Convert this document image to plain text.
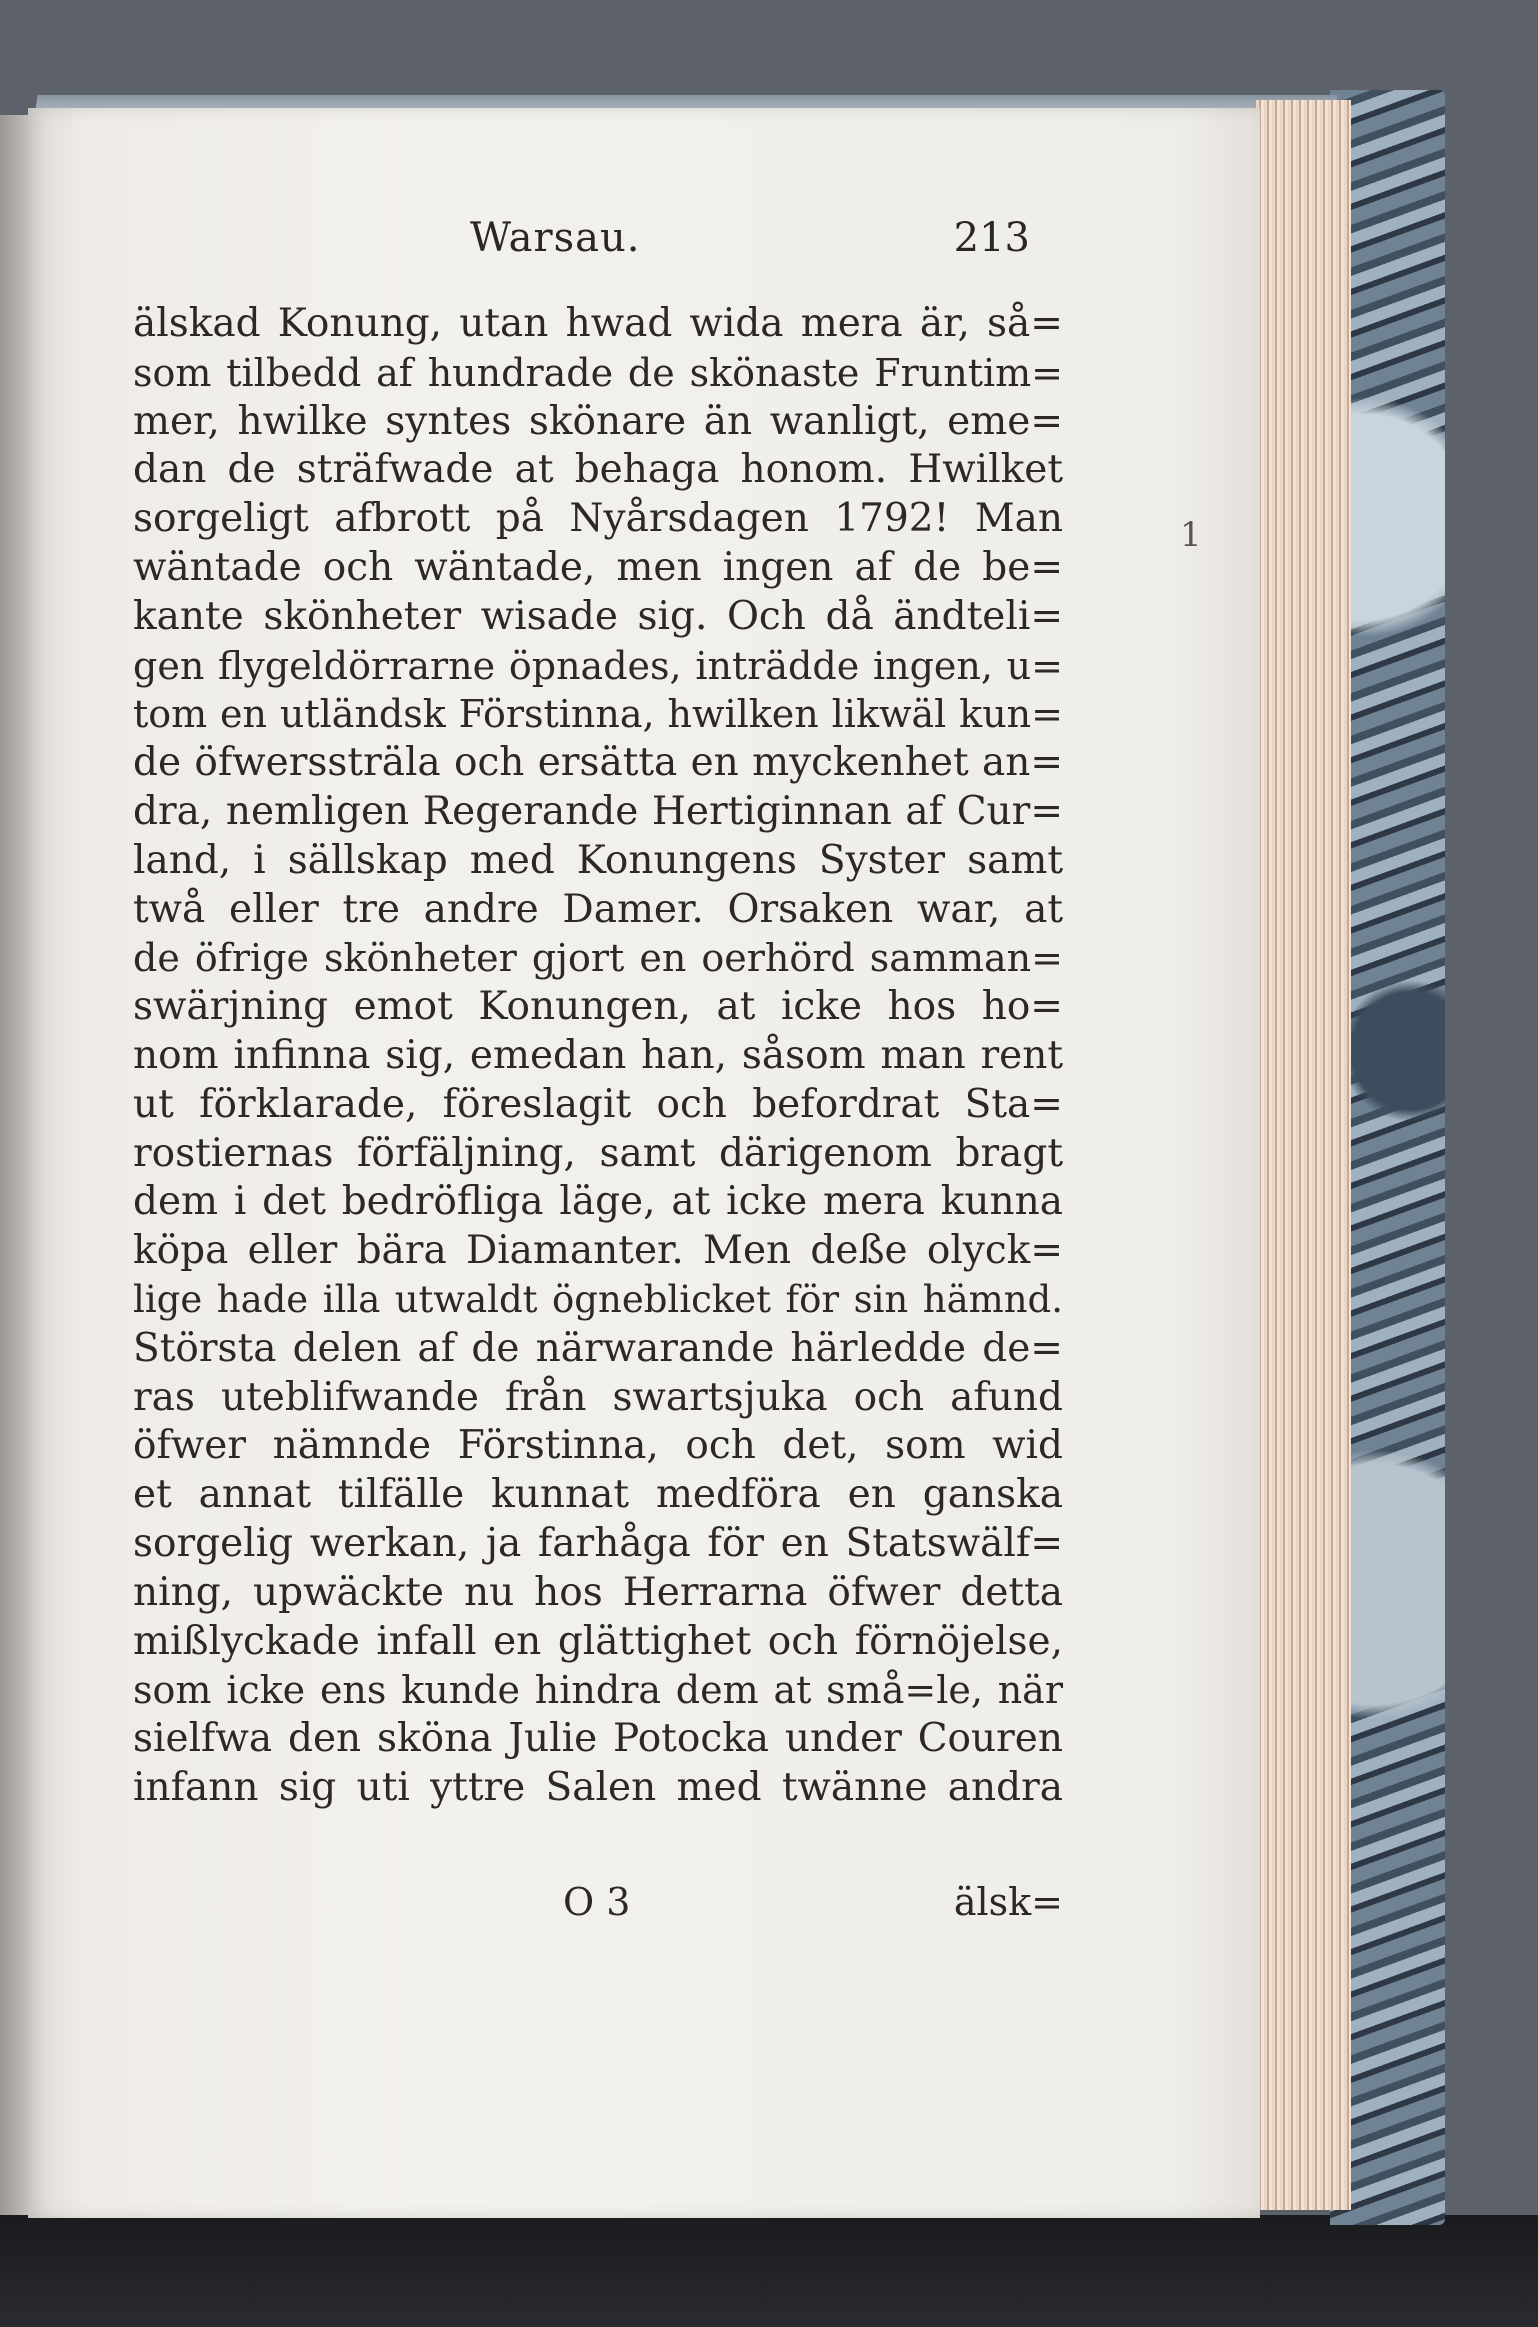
Warsau.	213
älskad Konung, utan hwad wida mera är, så=
som tilbedd af hundrade de skönaste Fruntim=
mer, hwilke syntes skönare än wanligt, eme=
dan de sträfwade at behaga honom. Hwilket
sorgeligt afbrott på Nyårsdagen 1792! Man
wäntade och wäntade, men ingen af de be=
kante skönheter wisade sig. Och då ändteli=
gen flygeldörrarne öpnades, inträdde ingen, u=
tom en utländsk Förstinna, hwilken likwäl kun=
de öfwerssträla och ersätta en myckenhet an=
dra, nemligen Regerande Hertiginnan af Cur=
land, i sällskap med Konungens Syster samt
twå eller tre andre Damer. Orsaken war, at
de öfrige skönheter gjort en oerhörd samman=
swärjning emot Konungen, at icke hos ho=
nom infinna sig, emedan han, såsom man rent
ut förklarade, föreslagit och befordrat Sta=
rostiernas förfäljning, samt därigenom bragt
dem i det bedröfliga läge, at icke mera kunna
köpa eller bära Diamanter. Men deße olyck=
lige hade illa utwaldt ögneblicket för sin hämnd.
Största delen af de närwarande härledde de=
ras uteblifwande från swartsjuka och afund
öfwer nämnde Förstinna, och det, som wid
et annat tilfälle kunnat medföra en ganska
sorgelig werkan, ja farhåga för en Statswälf=
ning, upwäckte nu hos Herrarna öfwer detta
mißlyckade infall en glättighet och förnöjelse,
som icke ens kunde hindra dem at små=le, när
sielfwa den sköna Julie Potocka under Couren
infann sig uti yttre Salen med twänne andra
O 3	älsk=
1
